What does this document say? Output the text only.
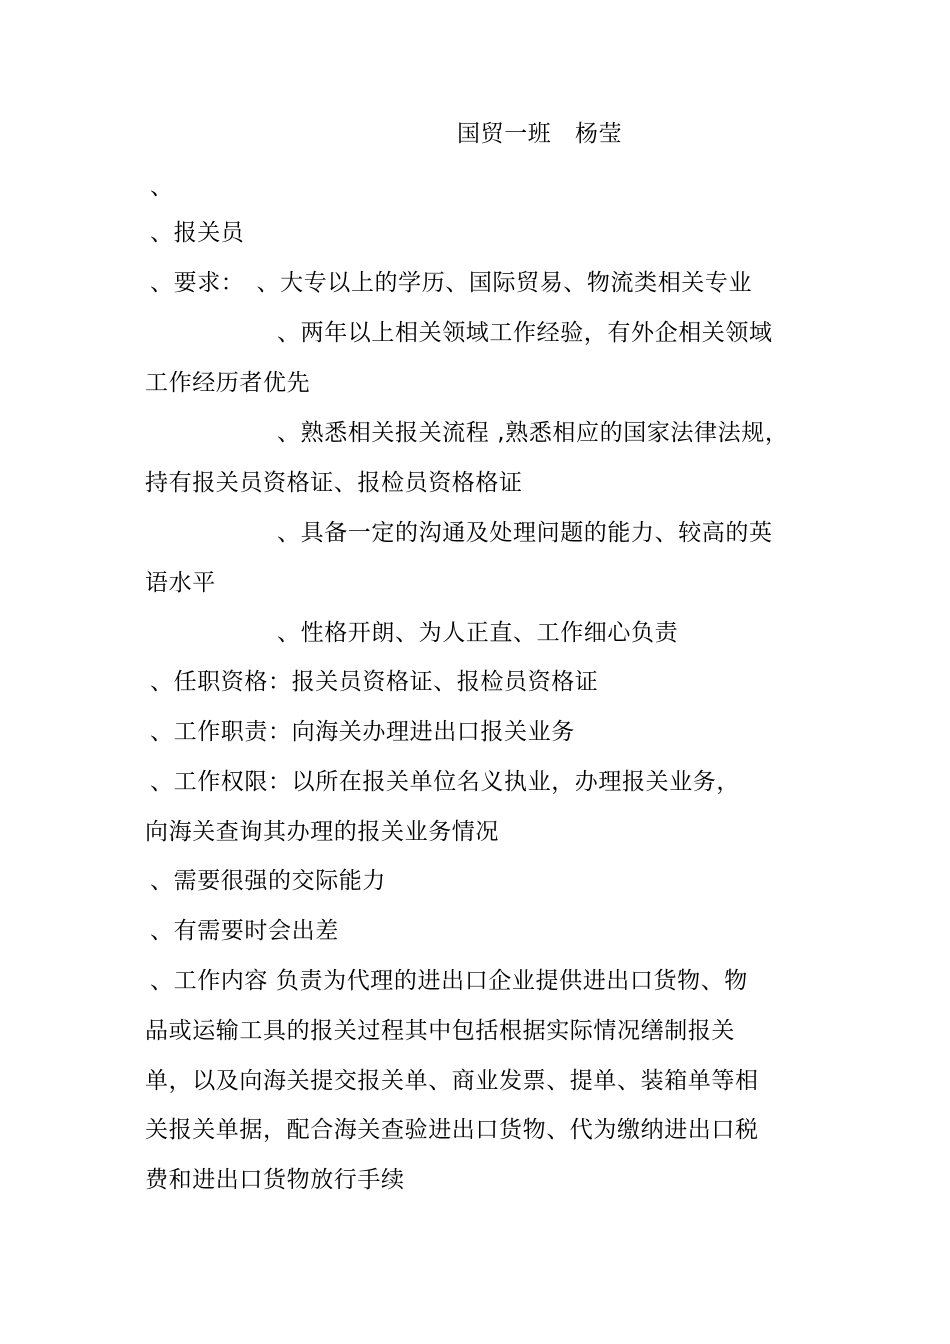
国贸一班　杨莹
、
、报关员
、要求：　、大专以上的学历、国际贸易、物流类相关专业
、两年以上相关领域工作经验，有外企相关领域
工作经历者优先
、熟悉相关报关流程 ,熟悉相应的国家法律法规，
持有报关员资格证、报检员资格格证
、具备一定的沟通及处理问题的能力、较高的英
语水平
、性格开朗、为人正直、工作细心负责
、任职资格：报关员资格证、报检员资格证
、工作职责：向海关办理进出口报关业务
、工作权限：以所在报关单位名义执业，办理报关业务，
向海关查询其办理的报关业务情况
、需要很强的交际能力
、有需要时会出差
、工作内容 负责为代理的进出口企业提供进出口货物、物
品或运输工具的报关过程其中包括根据实际情况缮制报关
单，以及向海关提交报关单、商业发票、提单、装箱单等相
关报关单据，配合海关查验进出口货物、代为缴纳进出口税
费和进出口货物放行手续
